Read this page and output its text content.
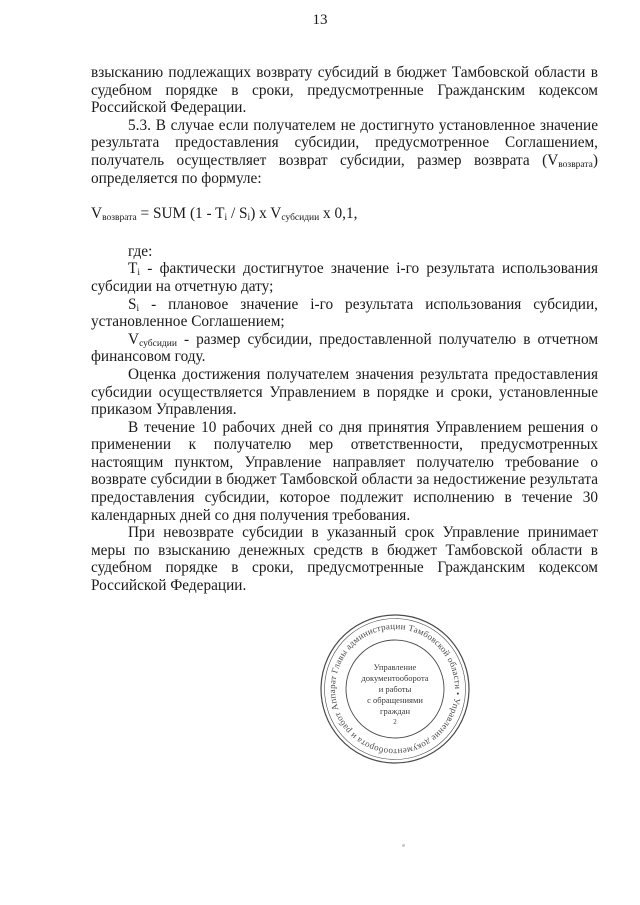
13

взысканию подлежащих возврату субсидий в бюджет Тамбовской области в судебном порядке в сроки, предусмотренные Гражданским кодексом Российской Федерации.

5.3. В случае если получателем не достигнуто установленное значение результата предоставления субсидии, предусмотренное Соглашением, получатель осуществляет возврат субсидии, размер возврата $(V_{возврата})$ определяется по формуле:

$V_{возврата}$ = SUM $(1 - T_i / S_i)$ x $V_{субсидии}$ x 0,1,

где:

$T_i$ - фактически достигнутое значение i-го результата использования субсидии на отчетную дату;

$S_i$ - плановое значение i-го результата использования субсидии, установленное Соглашением;

$V_{субсидии}$ - размер субсидии, предоставленной получателю в отчетном финансовом году.

Оценка достижения получателем значения результата предоставления субсидии осуществляется Управлением в порядке и сроки, установленные приказом Управления.

В течение 10 рабочих дней со дня принятия Управлением решения о применении к получателю мер ответственности, предусмотренных настоящим пунктом, Управление направляет получателю требование о возврате субсидии в бюджет Тамбовской области за недостижение результата предоставления субсидии, которое подлежит исполнению в течение 30 календарных дней со дня получения требования.

При невозврате субсидии в указанный срок Управление принимает меры по взысканию денежных средств в бюджет Тамбовской области в судебном порядке в сроки, предусмотренные Гражданским кодексом Российской Федерации.

Аппарат Главы администрации Тамбовской области • Управление документооборота и работы
Управление
документооборота
и работы
с обращениями
граждан
2
